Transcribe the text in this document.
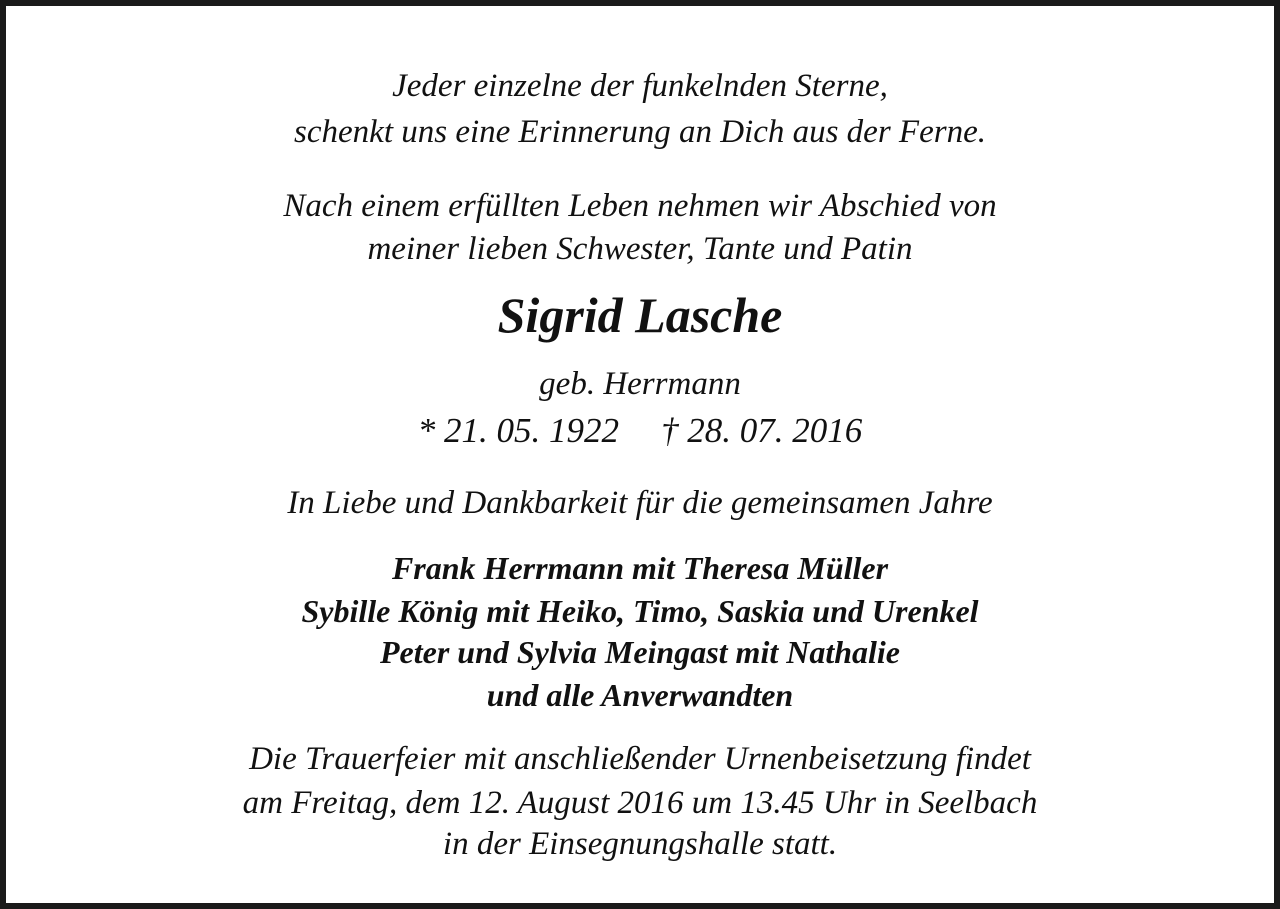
Jeder einzelne der funkelnden Sterne,
schenkt uns eine Erinnerung an Dich aus der Ferne.
Nach einem erfüllten Leben nehmen wir Abschied von
meiner lieben Schwester, Tante und Patin
Sigrid Lasche
geb. Herrmann
* 21. 05. 1922 † 28. 07. 2016
In Liebe und Dankbarkeit für die gemeinsamen Jahre
Frank Herrmann mit Theresa Müller
Sybille König mit Heiko, Timo, Saskia und Urenkel
Peter und Sylvia Meingast mit Nathalie
und alle Anverwandten
Die Trauerfeier mit anschließender Urnenbeisetzung findet
am Freitag, dem 12. August 2016 um 13.45 Uhr in Seelbach
in der Einsegnungshalle statt.
